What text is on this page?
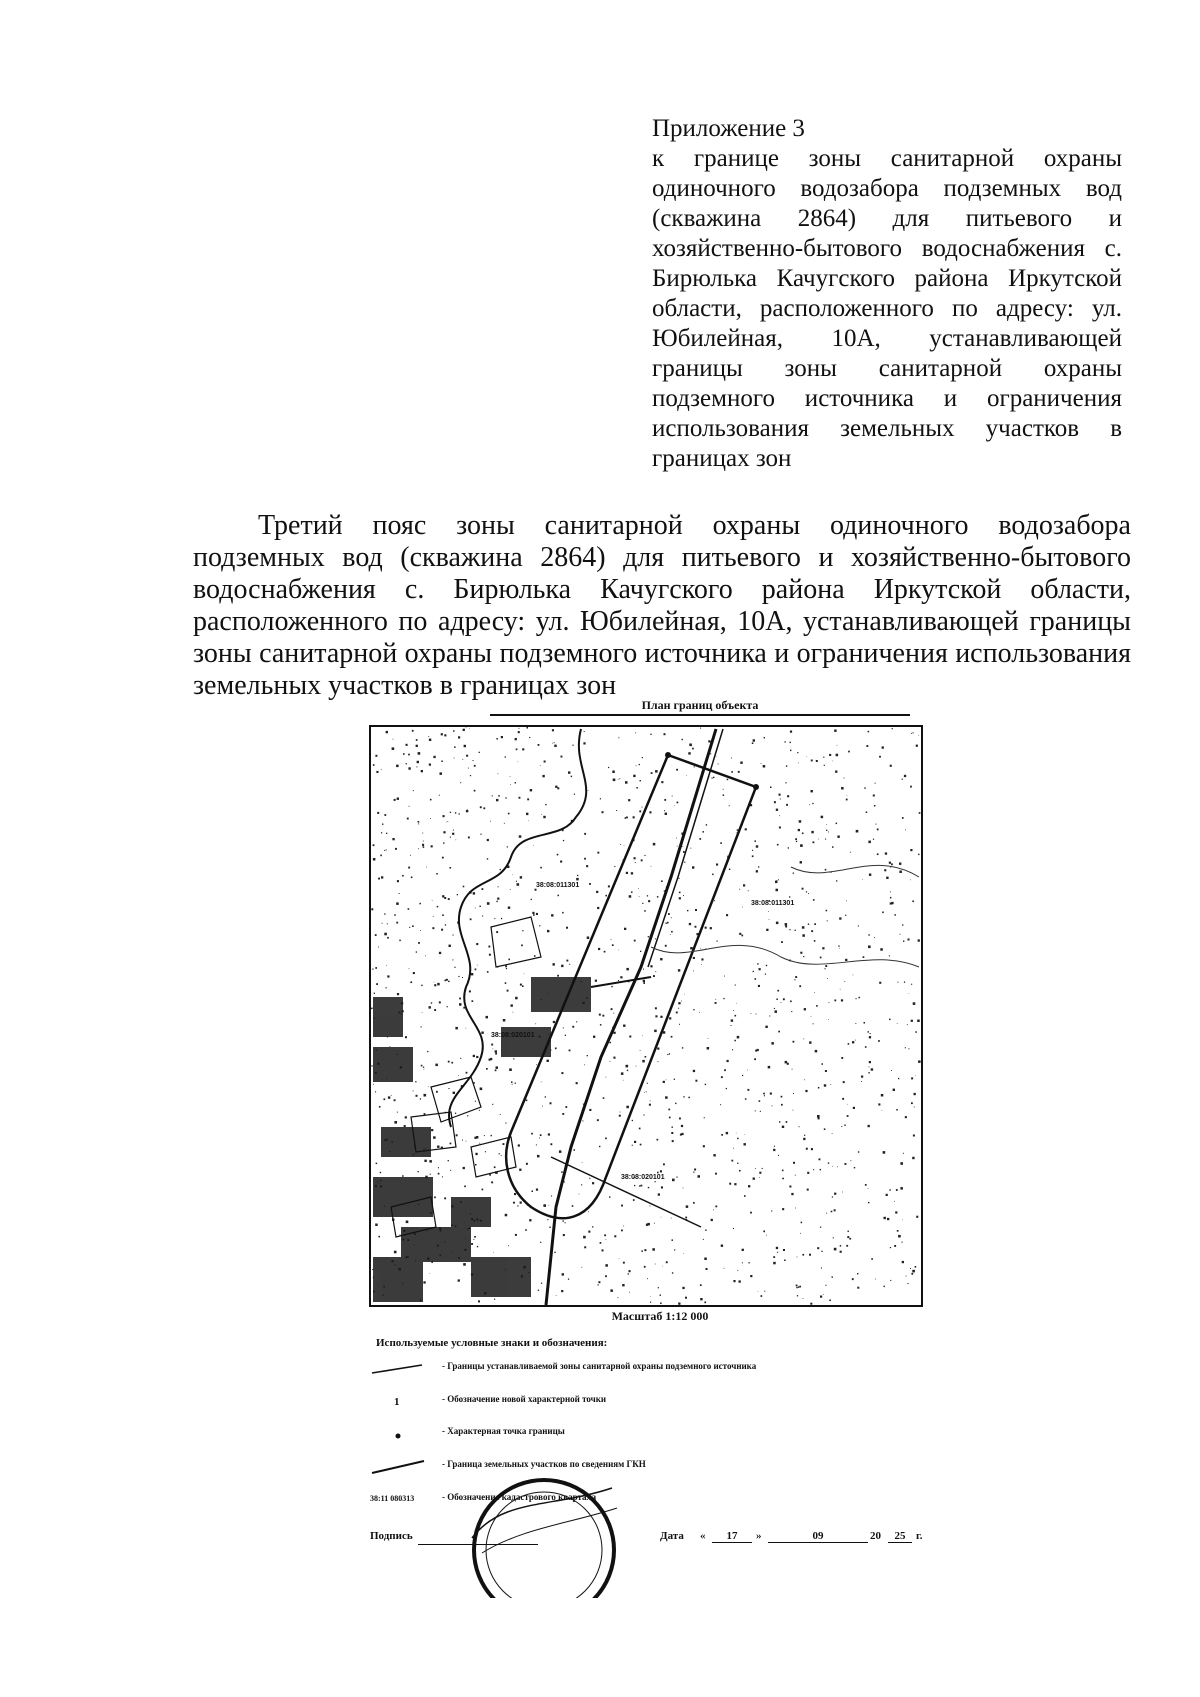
Приложение 3
к границе зоны санитарной охраны одиночного водозабора подземных вод (скважина 2864) для питьевого и хозяйственно-бытового водоснабжения с. Бирюлька Качугского района Иркутской области, расположенного по адресу: ул. Юбилейная, 10А, устанавливающей границы зоны санитарной охраны подземного источника и ограничения использования земельных участков в границах зон
Третий пояс зоны санитарной охраны одиночного водозабора подземных вод (скважина 2864) для питьевого и хозяйственно-бытового водоснабжения с. Бирюлька Качугского района Иркутской области, расположенного по адресу: ул. Юбилейная, 10А, устанавливающей границы зоны санитарной охраны подземного источника и ограничения использования земельных участков в границах зон
План границ объекта
38:08:011301
38:08:011301
38:08:020101
38:08:020101
Масштаб 1:12 000
Используемые условные знаки и обозначения:
- Границы устанавливаемой зоны санитарной охраны подземного источника
1	- Обозначение новой характерной точки
- Характерная точка границы
- Граница земельных участков по сведениям ГКН
38:11 080313	- Обозначение кадастрового квартала
Подпись	Дата «	17	»	09	20	25 г.
